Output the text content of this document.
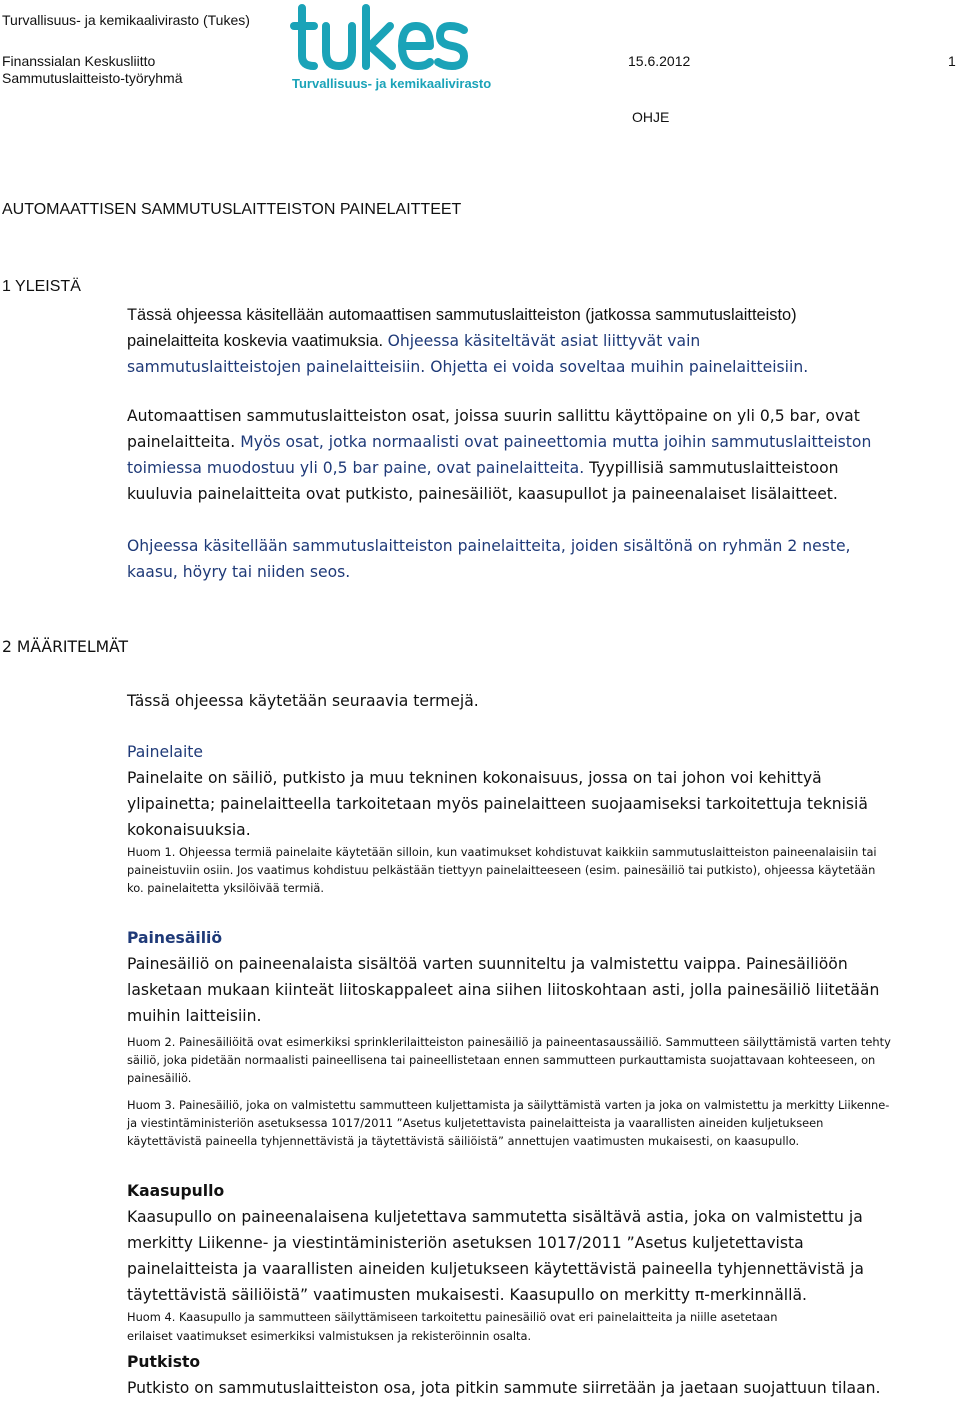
Turvallisuus- ja kemikaalivirasto (Tukes)
Finanssialan Keskusliitto
Sammutuslaitteisto-työryhmä
15.6.2012	1
OHJE
Turvallisuus- ja kemikaalivirasto
AUTOMAATTISEN SAMMUTUSLAITTEISTON PAINELAITTEET
1 YLEISTÄ
Tässä ohjeessa käsitellään automaattisen sammutuslaitteiston (jatkossa sammutuslaitteisto)
painelaitteita koskevia vaatimuksia. Ohjeessa käsiteltävät asiat liittyvät vain
sammutuslaitteistojen painelaitteisiin. Ohjetta ei voida soveltaa muihin painelaitteisiin.
Automaattisen sammutuslaitteiston osat, joissa suurin sallittu käyttöpaine on yli 0,5 bar, ovat
painelaitteita. Myös osat, jotka normaalisti ovat paineettomia mutta joihin sammutuslaitteiston
toimiessa muodostuu yli 0,5 bar paine, ovat painelaitteita. Tyypillisiä sammutuslaitteistoon
kuuluvia painelaitteita ovat putkisto, painesäiliöt, kaasupullot ja paineenalaiset lisälaitteet.
Ohjeessa käsitellään sammutuslaitteiston painelaitteita, joiden sisältönä on ryhmän 2 neste,
kaasu, höyry tai niiden seos.
2 MÄÄRITELMÄT
Tässä ohjeessa käytetään seuraavia termejä.
Painelaite
Painelaite on säiliö, putkisto ja muu tekninen kokonaisuus, jossa on tai johon voi kehittyä
ylipainetta; painelaitteella tarkoitetaan myös painelaitteen suojaamiseksi tarkoitettuja teknisiä
kokonaisuuksia.
Huom 1. Ohjeessa termiä painelaite käytetään silloin, kun vaatimukset kohdistuvat kaikkiin sammutuslaitteiston paineenalaisiin tai
paineistuviin osiin. Jos vaatimus kohdistuu pelkästään tiettyyn painelaitteeseen (esim. painesäiliö tai putkisto), ohjeessa käytetään
ko. painelaitetta yksilöivää termiä.
Painesäiliö
Painesäiliö on paineenalaista sisältöä varten suunniteltu ja valmistettu vaippa. Painesäiliöön
lasketaan mukaan kiinteät liitoskappaleet aina siihen liitoskohtaan asti, jolla painesäiliö liitetään
muihin laitteisiin.
Huom 2. Painesäiliöitä ovat esimerkiksi sprinklerilaitteiston painesäiliö ja paineentasaussäiliö. Sammutteen säilyttämistä varten tehty
säiliö, joka pidetään normaalisti paineellisena tai paineellistetaan ennen sammutteen purkauttamista suojattavaan kohteeseen, on
painesäiliö.
Huom 3. Painesäiliö, joka on valmistettu sammutteen kuljettamista ja säilyttämistä varten ja joka on valmistettu ja merkitty Liikenne-
ja viestintäministeriön asetuksessa 1017/2011 ”Asetus kuljetettavista painelaitteista ja vaarallisten aineiden kuljetukseen
käytettävistä paineella tyhjennettävistä ja täytettävistä säiliöistä” annettujen vaatimusten mukaisesti, on kaasupullo.
Kaasupullo
Kaasupullo on paineenalaisena kuljetettava sammutetta sisältävä astia, joka on valmistettu ja
merkitty Liikenne- ja viestintäministeriön asetuksen 1017/2011 ”Asetus kuljetettavista
painelaitteista ja vaarallisten aineiden kuljetukseen käytettävistä paineella tyhjennettävistä ja
täytettävistä säiliöistä” vaatimusten mukaisesti. Kaasupullo on merkitty π-merkinnällä.
Huom 4. Kaasupullo ja sammutteen säilyttämiseen tarkoitettu painesäiliö ovat eri painelaitteita ja niille asetetaan
erilaiset vaatimukset esimerkiksi valmistuksen ja rekisteröinnin osalta.
Putkisto
Putkisto on sammutuslaitteiston osa, jota pitkin sammute siirretään ja jaetaan suojattuun tilaan.
